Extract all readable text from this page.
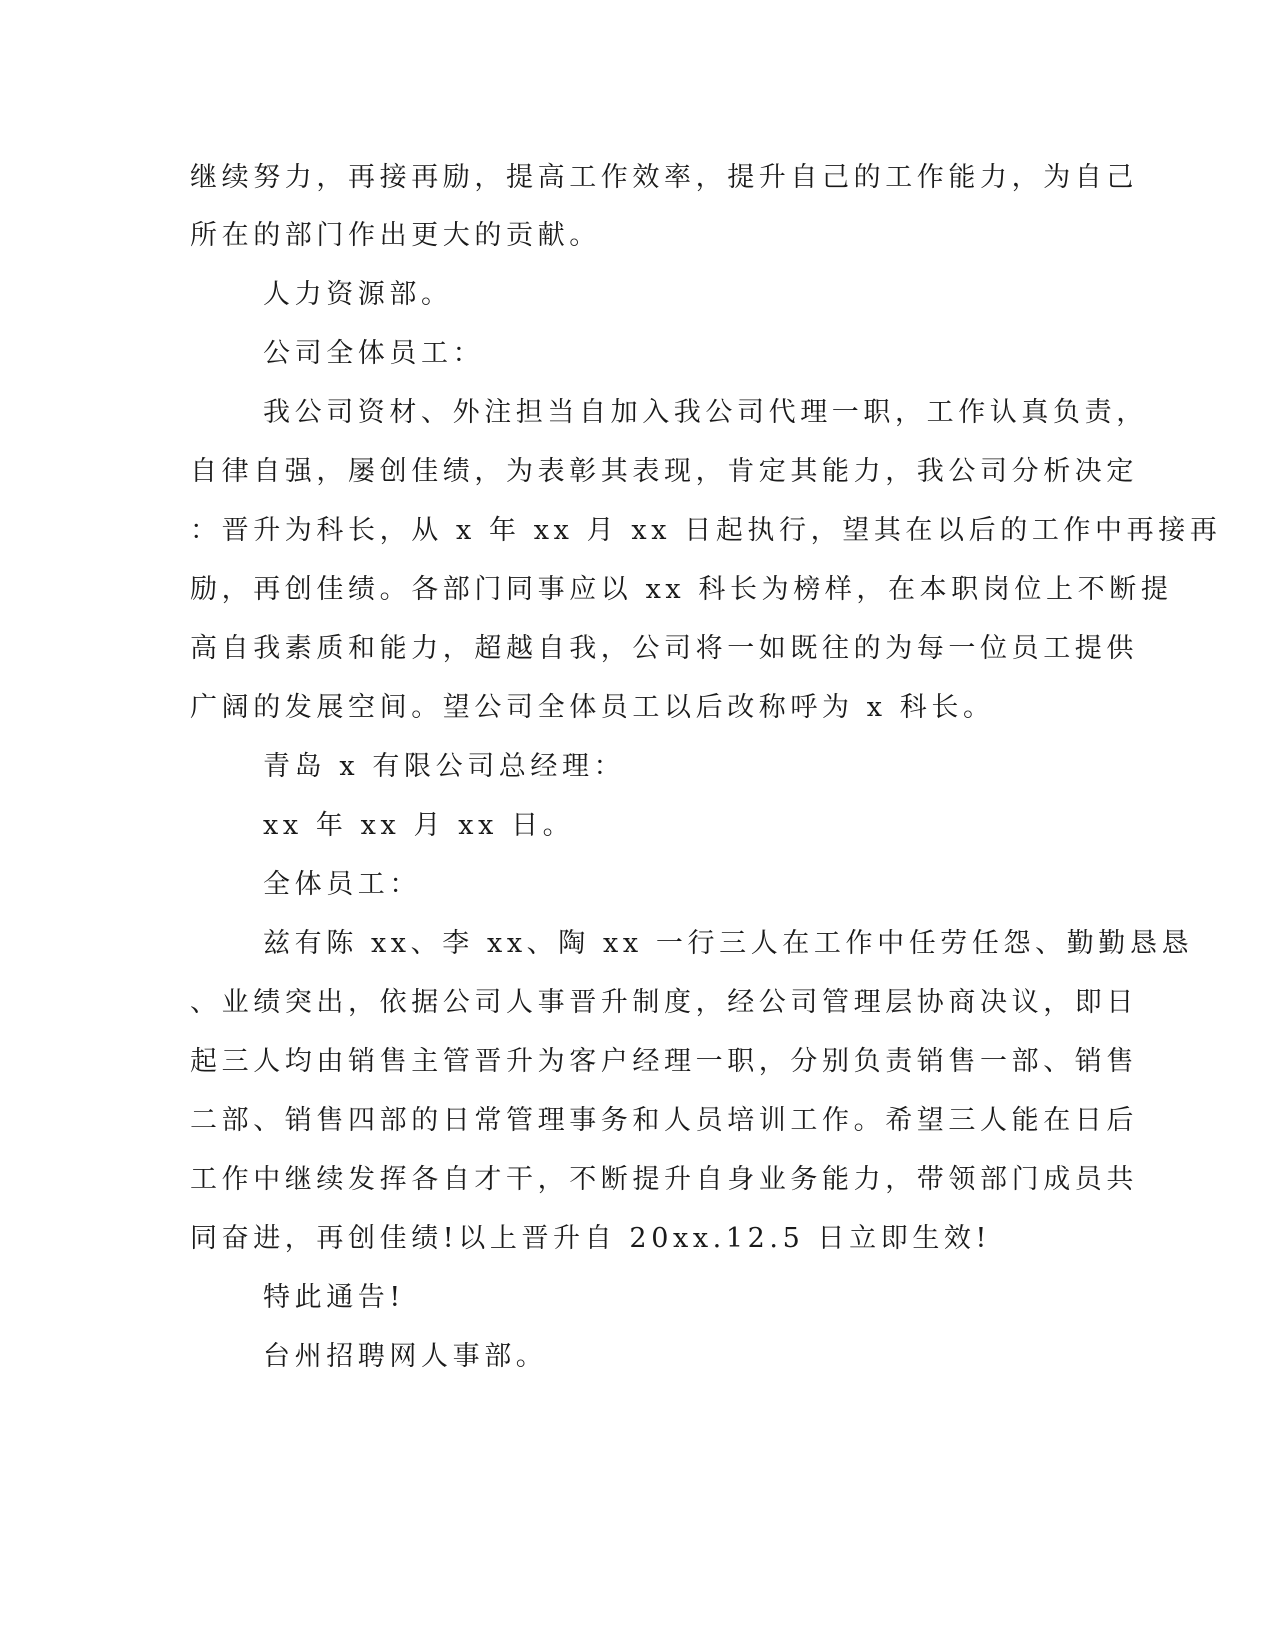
继续努力，再接再励，提高工作效率，提升自己的工作能力，为自己
所在的部门作出更大的贡献。
人力资源部。
公司全体员工：
我公司资材、外注担当自加入我公司代理一职，工作认真负责，
自律自强，屡创佳绩，为表彰其表现，肯定其能力，我公司分析决定
：晋升为科长，从 x 年 xx 月 xx 日起执行，望其在以后的工作中再接再
励，再创佳绩。各部门同事应以 xx 科长为榜样，在本职岗位上不断提
高自我素质和能力，超越自我，公司将一如既往的为每一位员工提供
广阔的发展空间。望公司全体员工以后改称呼为 x 科长。
青岛 x 有限公司总经理：
xx 年 xx 月 xx 日。
全体员工：
兹有陈 xx、李 xx、陶 xx 一行三人在工作中任劳任怨、勤勤恳恳
、业绩突出，依据公司人事晋升制度，经公司管理层协商决议，即日
起三人均由销售主管晋升为客户经理一职，分别负责销售一部、销售
二部、销售四部的日常管理事务和人员培训工作。希望三人能在日后
工作中继续发挥各自才干，不断提升自身业务能力，带领部门成员共
同奋进，再创佳绩!以上晋升自 20xx.12.5 日立即生效!
特此通告!
台州招聘网人事部。
